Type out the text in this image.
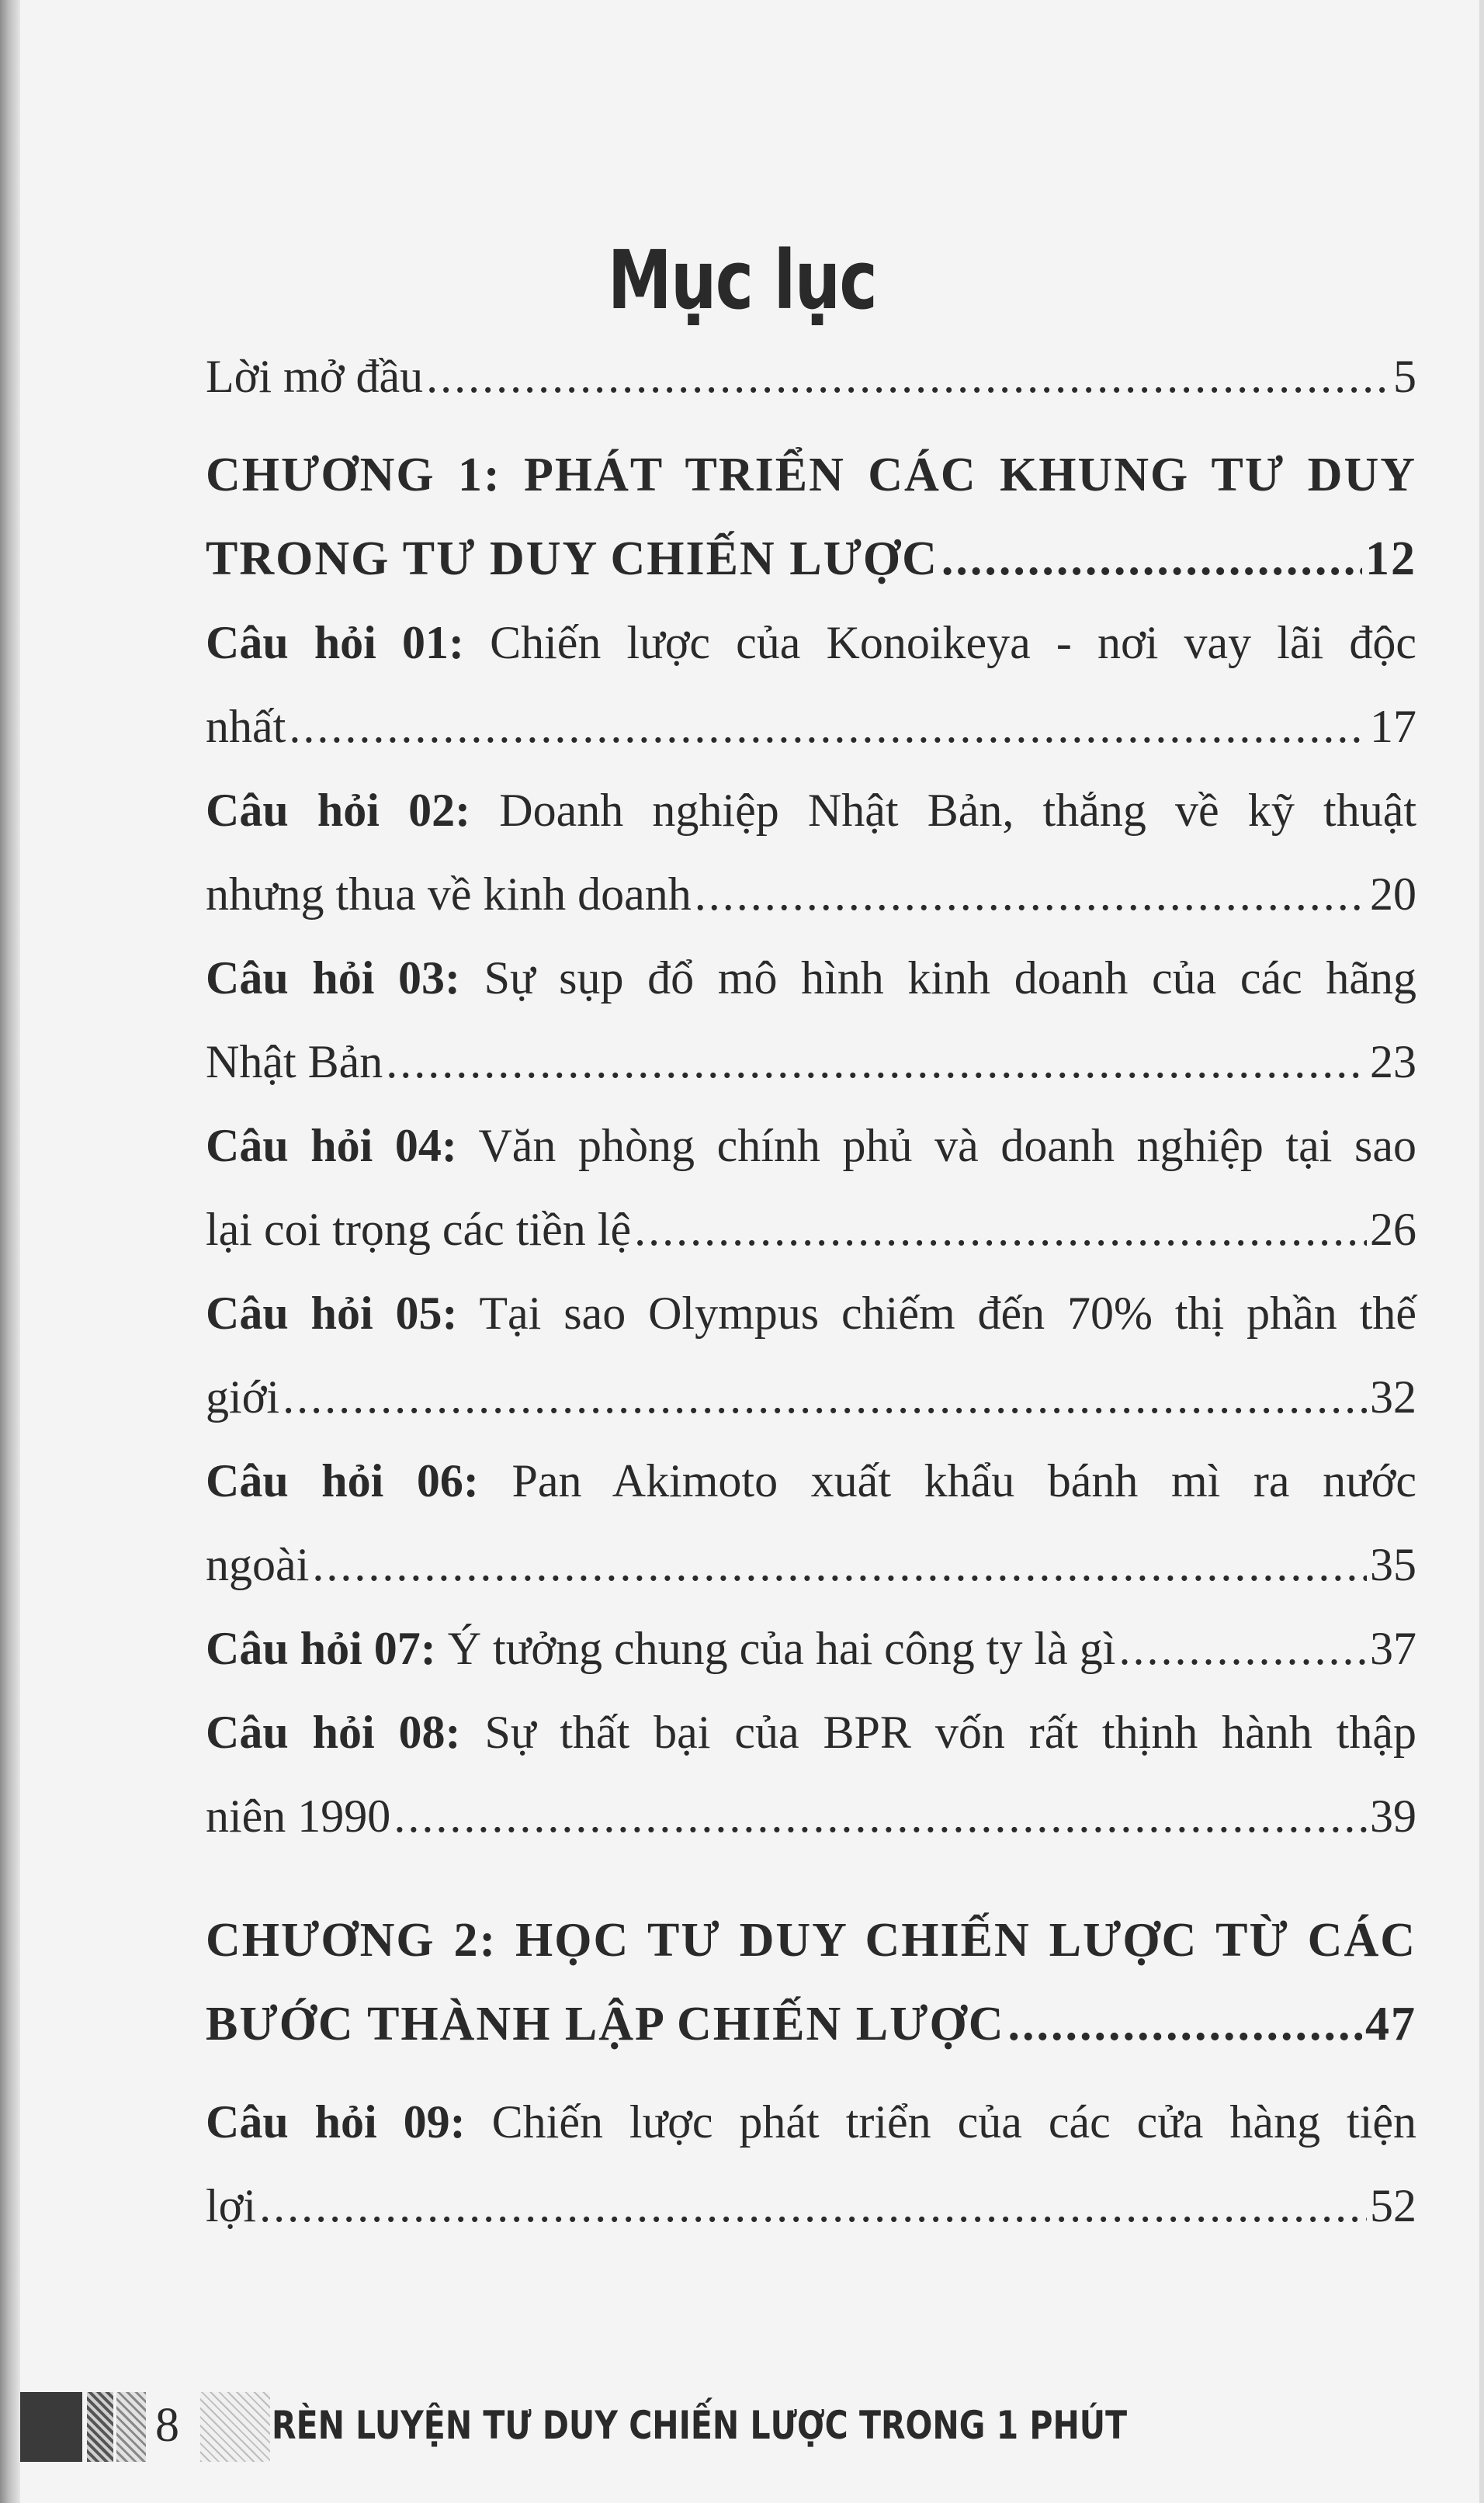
Mục lục
Lời mở đầu .....	5
CHƯƠNG 1: PHÁT TRIỂN CÁC KHUNG TƯ DUY
TRONG TƯ DUY CHIẾN LƯỢC .....	12
Câu hỏi 01: Chiến lược của Konoikeya - nơi vay lãi độc
nhất .....	17
Câu hỏi 02: Doanh nghiệp Nhật Bản, thắng về kỹ thuật
nhưng thua về kinh doanh .....	20
Câu hỏi 03: Sự sụp đổ mô hình kinh doanh của các hãng
Nhật Bản .....	23
Câu hỏi 04: Văn phòng chính phủ và doanh nghiệp tại sao
lại coi trọng các tiền lệ .....	26
Câu hỏi 05: Tại sao Olympus chiếm đến 70% thị phần thế
giới .....	32
Câu hỏi 06: Pan Akimoto xuất khẩu bánh mì ra nước
ngoài .....	35
Câu hỏi 07: Ý tưởng chung của hai công ty là gì .....	37
Câu hỏi 08: Sự thất bại của BPR vốn rất thịnh hành thập
niên 1990 .....	39
CHƯƠNG 2: HỌC TƯ DUY CHIẾN LƯỢC TỪ CÁC
BƯỚC THÀNH LẬP CHIẾN LƯỢC .....	47
Câu hỏi 09: Chiến lược phát triển của các cửa hàng tiện
lợi .....	52
8 RÈN LUYỆN TƯ DUY CHIẾN LƯỢC TRONG 1 PHÚT
